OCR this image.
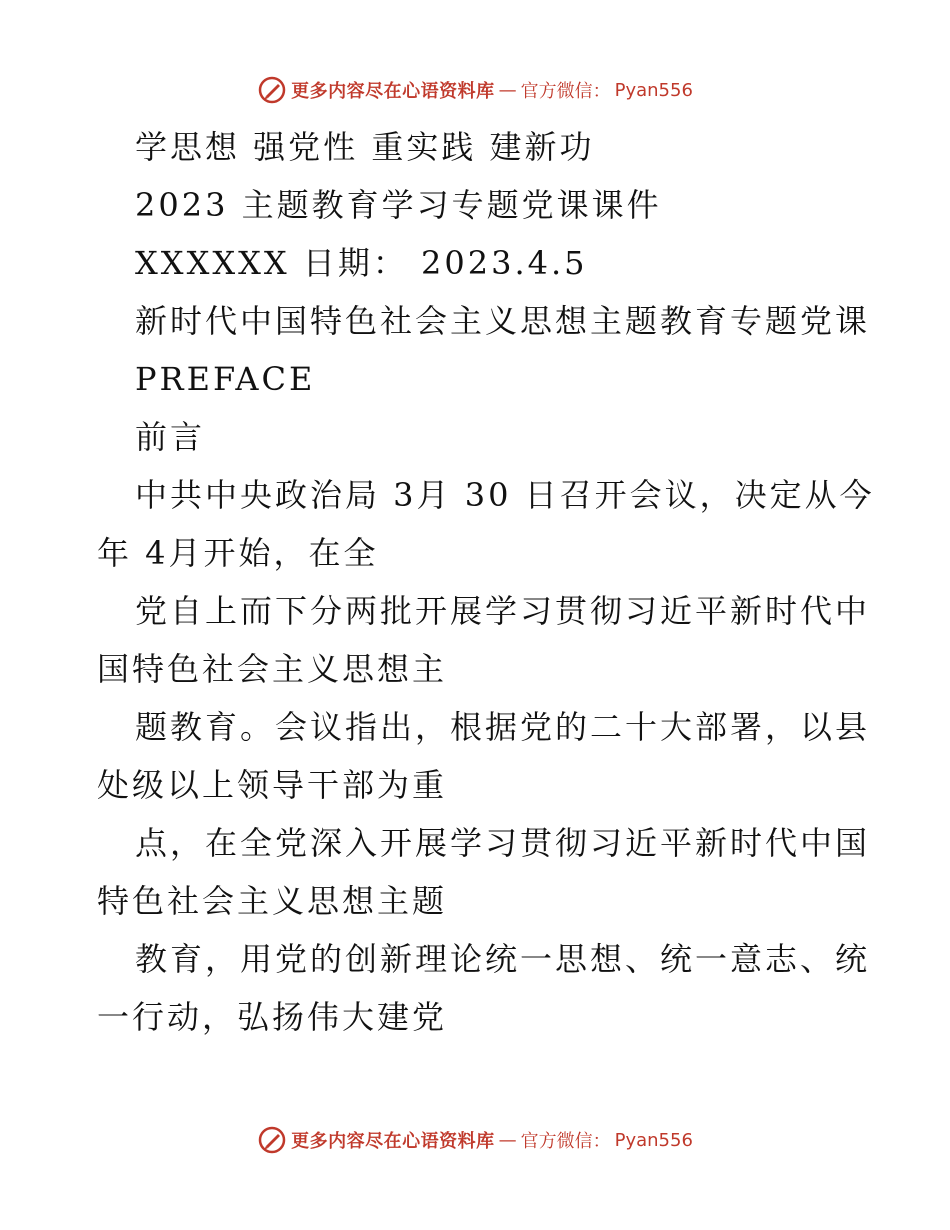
更多内容尽在心语资料库 — 官方微信： Pyan556
学思想 强党性 重实践 建新功
2023 主题教育学习专题党课课件
XXXXXX 日期： 2023.4.5
新时代中国特色社会主义思想主题教育专题党课
PREFACE
前言
中共中央政治局 3月 30 日召开会议，决定从今
年 4月开始，在全
党自上而下分两批开展学习贯彻习近平新时代中
国特色社会主义思想主
题教育。会议指出，根据党的二十大部署，以县
处级以上领导干部为重
点，在全党深入开展学习贯彻习近平新时代中国
特色社会主义思想主题
教育，用党的创新理论统一思想、统一意志、统
一行动，弘扬伟大建党
更多内容尽在心语资料库 — 官方微信： Pyan556
